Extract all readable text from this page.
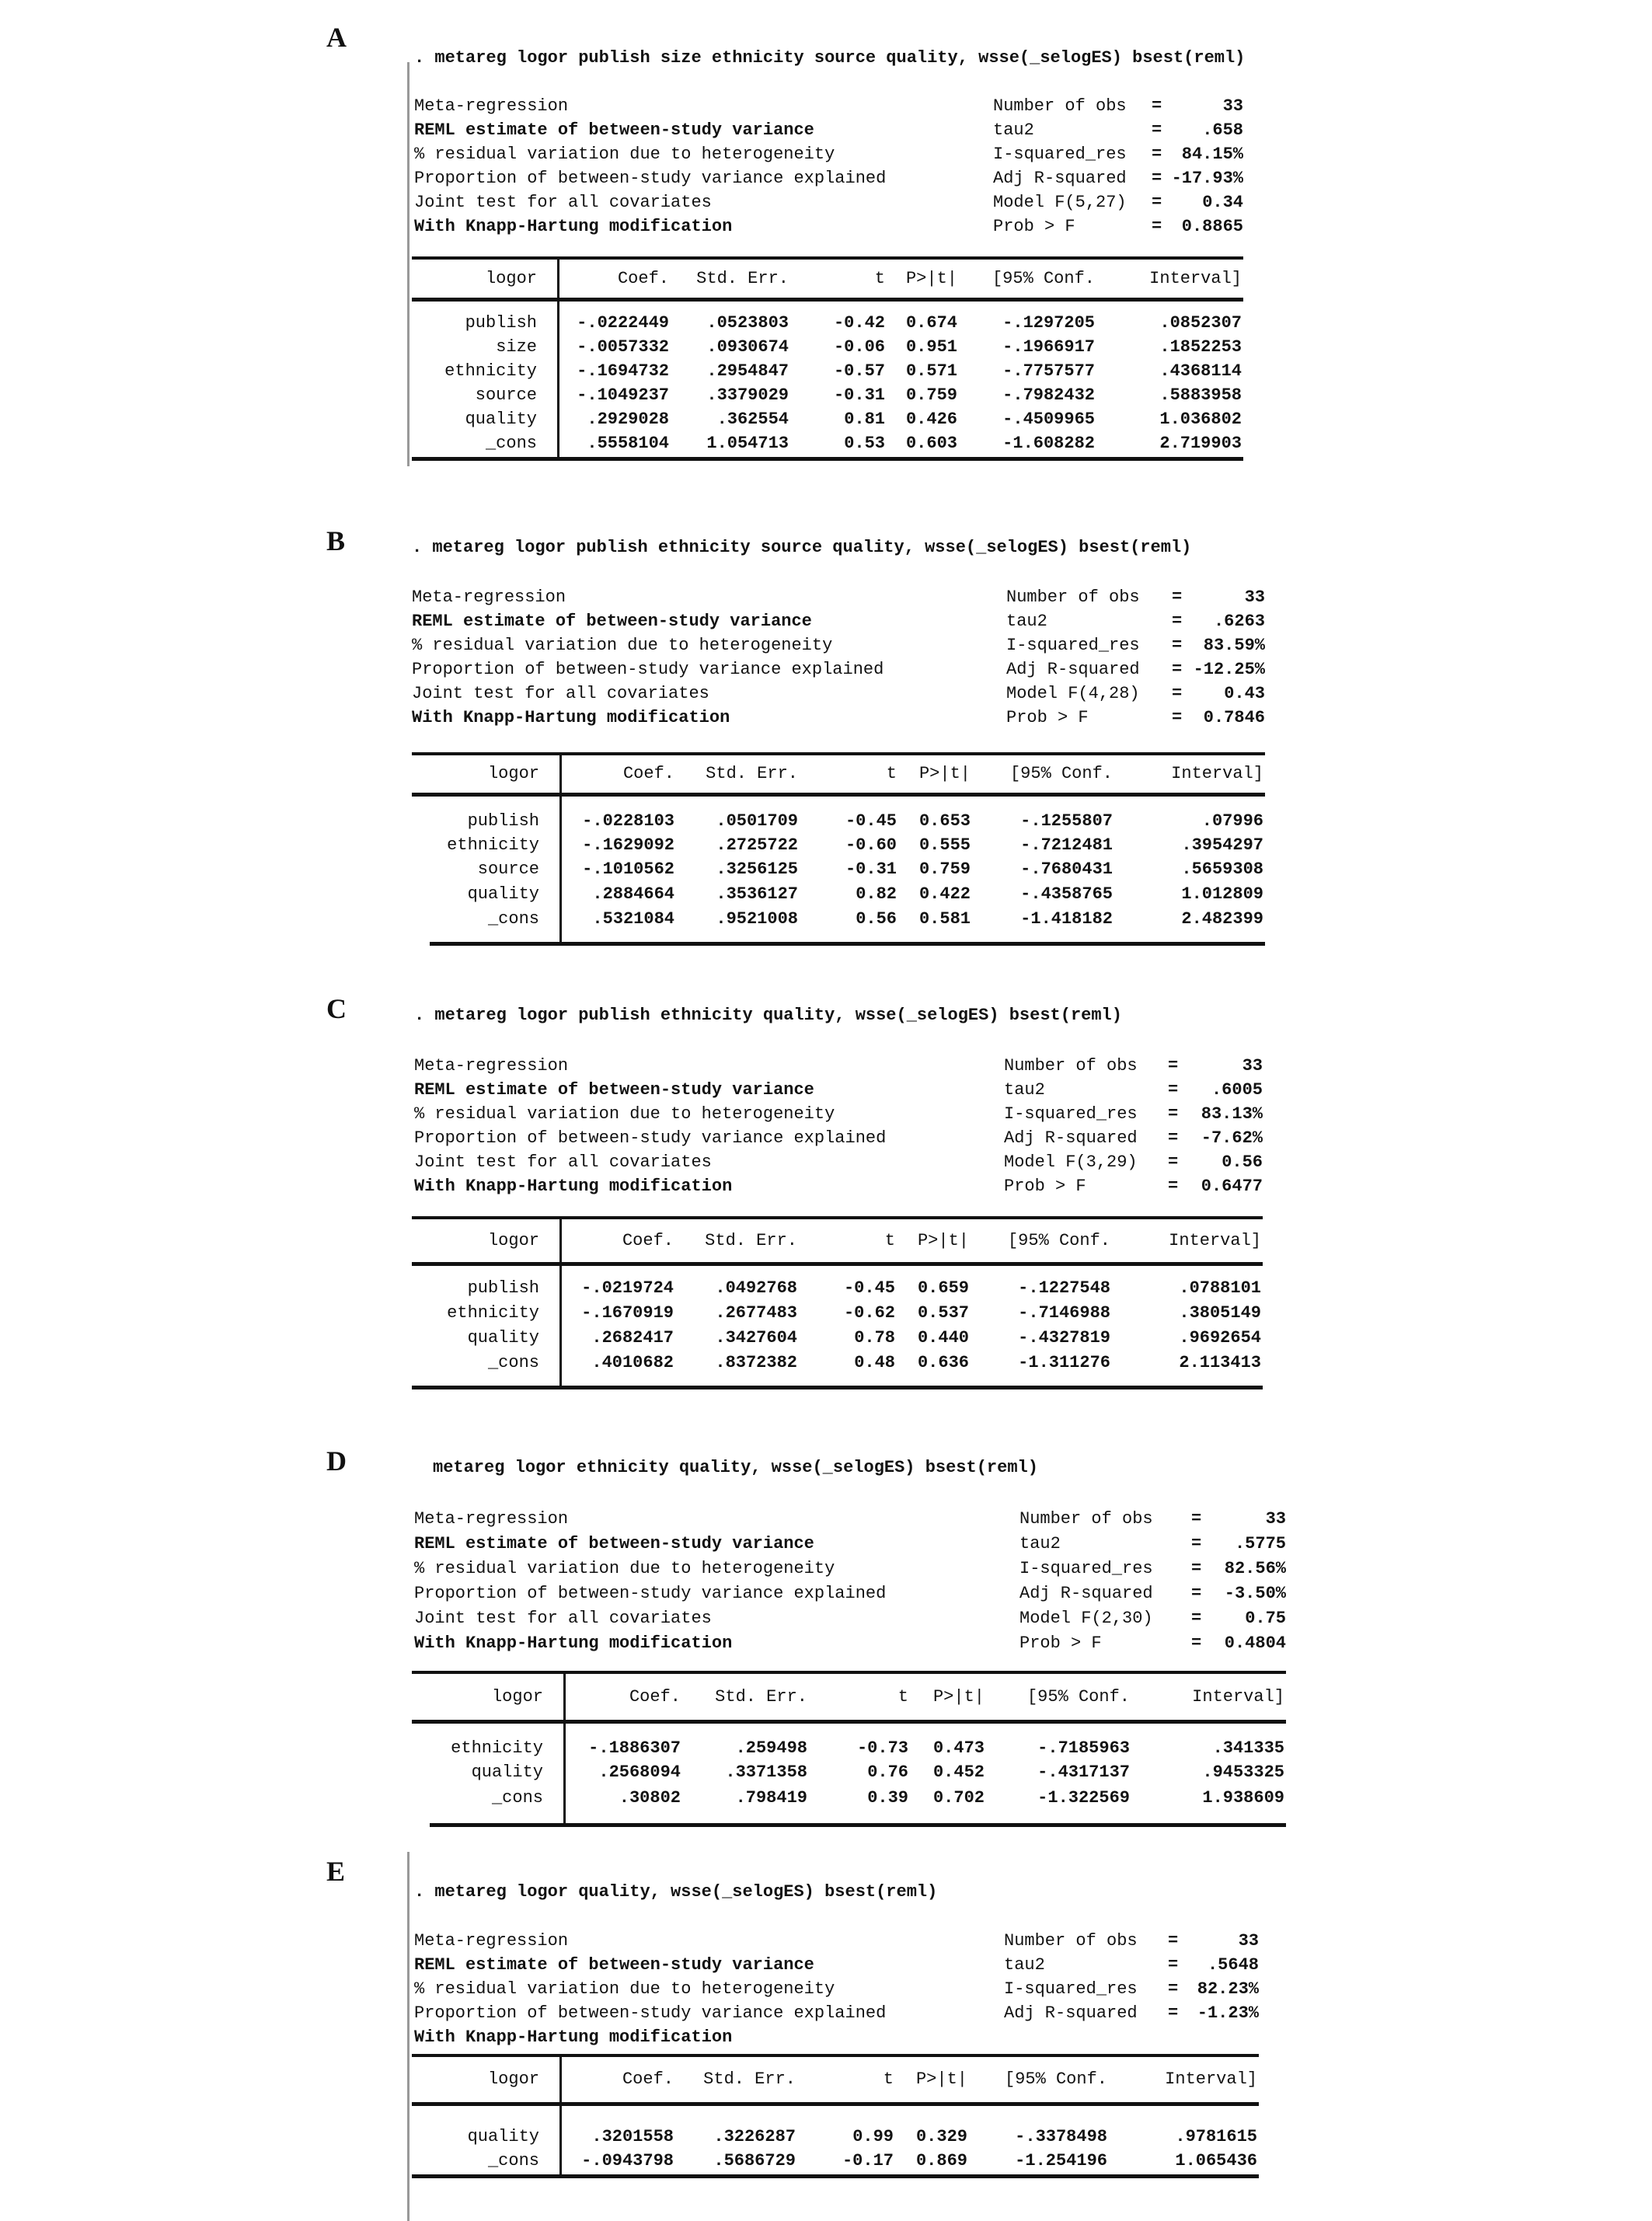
A
. metareg logor publish size ethnicity source quality, wsse(_selogES) bsest(reml)
Meta-regression	Number of obs =	33
REML estimate of between-study variance	tau2	= .658
% residual variation due to heterogeneity	I-squared_res = 84.15%
Proportion of between-study variance explained	Adj R-squared = -17.93%
Joint test for all covariates	Model F(5,27) = 0.34
With Knapp-Hartung modification	Prob > F	= 0.8865
logor	Coef.	Std. Err.	t	P>|t|	[95% Conf.	Interval]
publish	-.0222449	.0523803	-0.42	0.674	-.1297205	.0852307
size	-.0057332	.0930674	-0.06	0.951	-.1966917	.1852253
ethnicity	-.1694732	.2954847	-0.57	0.571	-.7757577	.4368114
source	-.1049237	.3379029	-0.31	0.759	-.7982432	.5883958
quality	.2929028	.362554	0.81	0.426	-.4509965	1.036802
_cons	.5558104	1.054713	0.53	0.603	-1.608282	2.719903
B	. metareg logor publish ethnicity source quality, wsse(_selogES) bsest(reml)
Meta-regression	Number of obs =	33
REML estimate of between-study variance	tau2	= .6263
% residual variation due to heterogeneity	I-squared_res = 83.59%
Proportion of between-study variance explained	Adj R-squared = -12.25%
Joint test for all covariates	Model F(4,28) = 0.43
With Knapp-Hartung modification	Prob > F	= 0.7846
logor	Coef.	Std. Err.	t	P>|t|	[95% Conf.	Interval]
publish	-.0228103	.0501709	-0.45	0.653	-.1255807	.07996
ethnicity	-.1629092	.2725722	-0.60	0.555	-.7212481	.3954297
source	-.1010562	.3256125	-0.31	0.759	-.7680431	.5659308
quality	.2884664	.3536127	0.82	0.422	-.4358765	1.012809
_cons	.5321084	.9521008	0.56	0.581	-1.418182	2.482399
C	. metareg logor publish ethnicity quality, wsse(_selogES) bsest(reml)
Meta-regression	Number of obs =	33
REML estimate of between-study variance	tau2	= .6005
% residual variation due to heterogeneity	I-squared_res = 83.13%
Proportion of between-study variance explained	Adj R-squared = -7.62%
Joint test for all covariates	Model F(3,29) =	0.56
With Knapp-Hartung modification	Prob > F	= 0.6477
logor	Coef.	Std. Err.	t	P>|t|	[95% Conf.	Interval]
publish	-.0219724	.0492768	-0.45	0.659	-.1227548	.0788101
ethnicity	-.1670919	.2677483	-0.62	0.537	-.7146988	.3805149
quality	.2682417	.3427604	0.78	0.440	-.4327819	.9692654
_cons	.4010682	.8372382	0.48	0.636	-1.311276	2.113413
D	metareg logor ethnicity quality, wsse(_selogES) bsest(reml)
Meta-regression	Number of obs =	33
REML estimate of between-study variance	tau2	= .5775
% residual variation due to heterogeneity	I-squared_res = 82.56%
Proportion of between-study variance explained	Adj R-squared = -3.50%
Joint test for all covariates	Model F(2,30) =	0.75
With Knapp-Hartung modification	Prob > F	= 0.4804
logor	Coef.	Std. Err.	t	P>|t|	[95% Conf.	Interval]
ethnicity	-.1886307	.259498	-0.73	0.473	-.7185963	.341335
quality	.2568094	.3371358	0.76	0.452	-.4317137	.9453325
_cons	.30802	.798419	0.39	0.702	-1.322569	1.938609
E
. metareg logor quality, wsse(_selogES) bsest(reml)
Meta-regression	Number of obs =	33
REML estimate of between-study variance	tau2	= .5648
% residual variation due to heterogeneity	I-squared_res = 82.23%
Proportion of between-study variance explained	Adj R-squared = -1.23%
With Knapp-Hartung modification
logor	Coef.	Std. Err.	t	P>|t|	[95% Conf.	Interval]
quality	.3201558	.3226287	0.99	0.329	-.3378498	.9781615
_cons	-.0943798	.5686729	-0.17	0.869	-1.254196	1.065436
